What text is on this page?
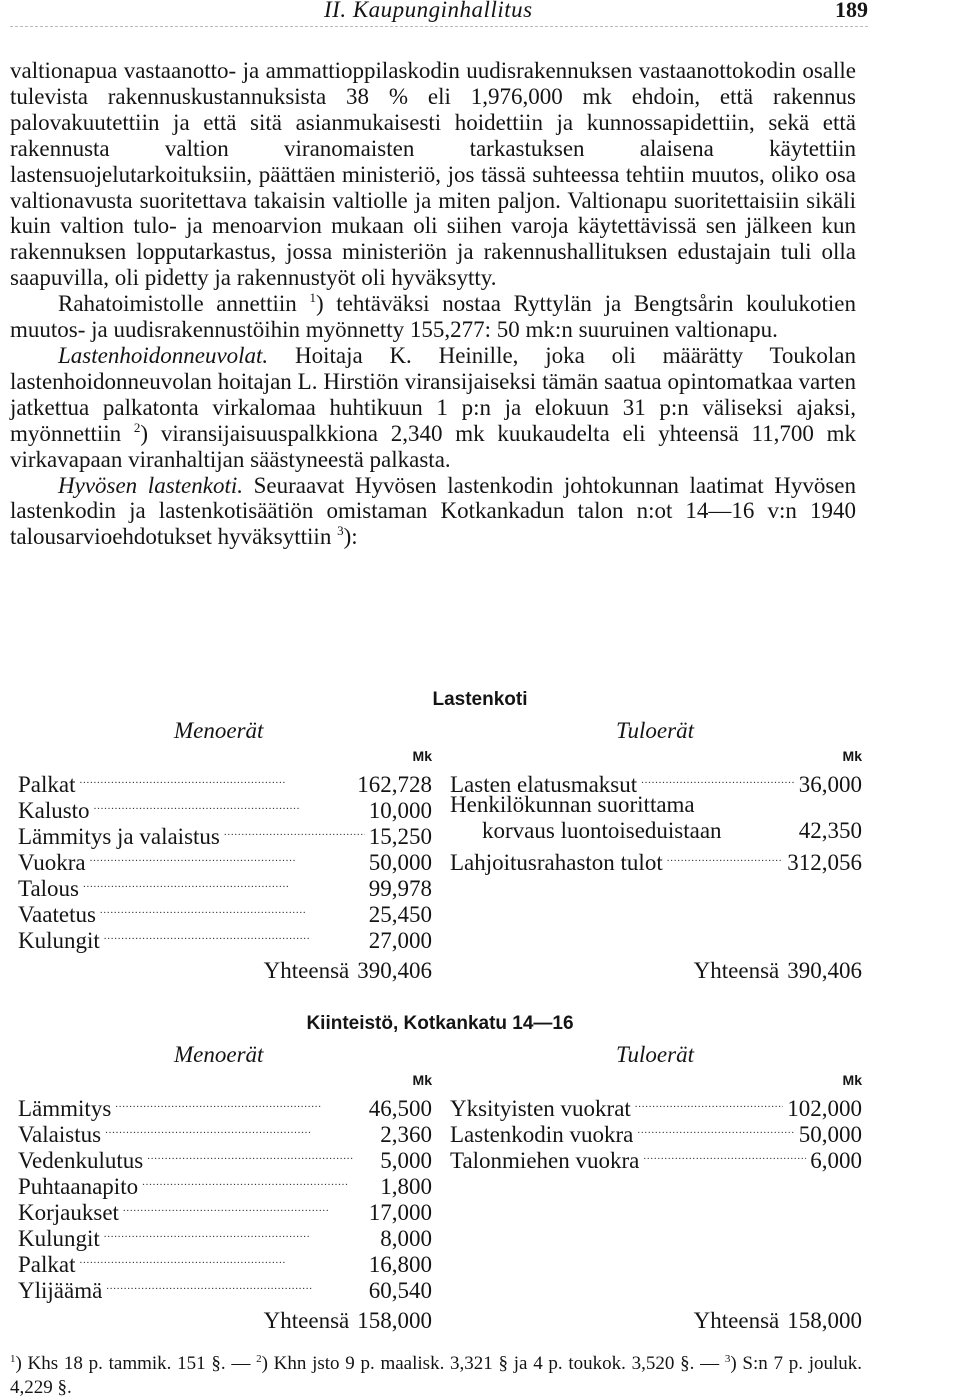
II. Kaupunginhallitus	189

valtionapua vastaanotto- ja ammattioppilaskodin uudisrakennuksen vastaanottokodin osalle tulevista rakennuskustannuksista 38 % eli 1,976,000 mk ehdoin, että rakennus palovakuutettiin ja että sitä asianmukaisesti hoidettiin ja kunnossapidettiin, sekä että rakennusta valtion viranomaisten tarkastuksen alaisena käytettiin lastensuojelutarkoituksiin, päättäen ministeriö, jos tässä suhteessa tehtiin muutos, oliko osa valtionavusta suoritettava takaisin valtiolle ja miten paljon. Valtionapu suoritettaisiin sikäli kuin valtion tulo- ja menoarvion mukaan oli siihen varoja käytettävissä sen jälkeen kun rakennuksen lopputarkastus, jossa ministeriön ja rakennushallituksen edustajain tuli olla saapuvilla, oli pidetty ja rakennustyöt oli hyväksytty.

Rahatoimistolle annettiin $^1$) tehtäväksi nostaa Ryttylän ja Bengtsårin koulukotien muutos- ja uudisrakennustöihin myönnetty 155,277: 50 mk:n suuruinen valtionapu.

Lastenhoidonneuvolat. Hoitaja K. Heinille, joka oli määrätty Toukolan lastenhoidonneuvolan hoitajan L. Hirstiön viransijaiseksi tämän saatua opintomatkaa varten jatkettua palkatonta virkalomaa huhtikuun 1 p:n ja elokuun 31 p:n väliseksi ajaksi, myönnettiin $^2$) viransijaisuuspalkkiona 2,340 mk kuukaudelta eli yhteensä 11,700 mk virkavapaan viranhaltijan säästyneestä palkasta.

Hyvösen lastenkoti. Seuraavat Hyvösen lastenkodin johtokunnan laatimat Hyvösen lastenkodin ja lastenkotisäätiön omistaman Kotkankadun talon n:ot 14—16 v:n 1940 talousarvioehdotukset hyväksyttiin $^3$):

Lastenkoti
Menoerät
Mk
Palkat . . .	162,728
Kalusto . . .	10,000
Lämmitys ja valaistus . . .	15,250
Vuokra . . .	50,000
Talous . . .	99,978
Vaatetus . . .	25,450
Kulungit . . .	27,000
Yhteensä 390,406
Tuloerät
Mk
Lasten elatusmaksut . . .	36,000
Henkilökunnan suorittama
korvaus luontoiseduistaan	42,350
Lahjoitusrahaston tulot . . .	312,056
Yhteensä 390,406
Kiinteistö, Kotkankatu 14—16
Menoerät
Mk
Lämmitys . . .	46,500
Valaistus . . .	2,360
Vedenkulutus . . .	5,000
Puhtaanapito . . .	1,800
Korjaukset . . .	17,000
Kulungit . . .	8,000
Palkat . . .	16,800
Ylijäämä . . .	60,540
Yhteensä 158,000
Tuloerät
Mk
Yksityisten vuokrat . . .	102,000
Lastenkodin vuokra . . .	50,000
Talonmiehen vuokra . . .	6,000
Yhteensä 158,000
$^1$) Khs 18 p. tammik. 151 §. — $^2$) Khn jsto 9 p. maalisk. 3,321 § ja 4 p. toukok. 3,520 §. — $^3$) S:n 7 p. jouluk. 4,229 §.
